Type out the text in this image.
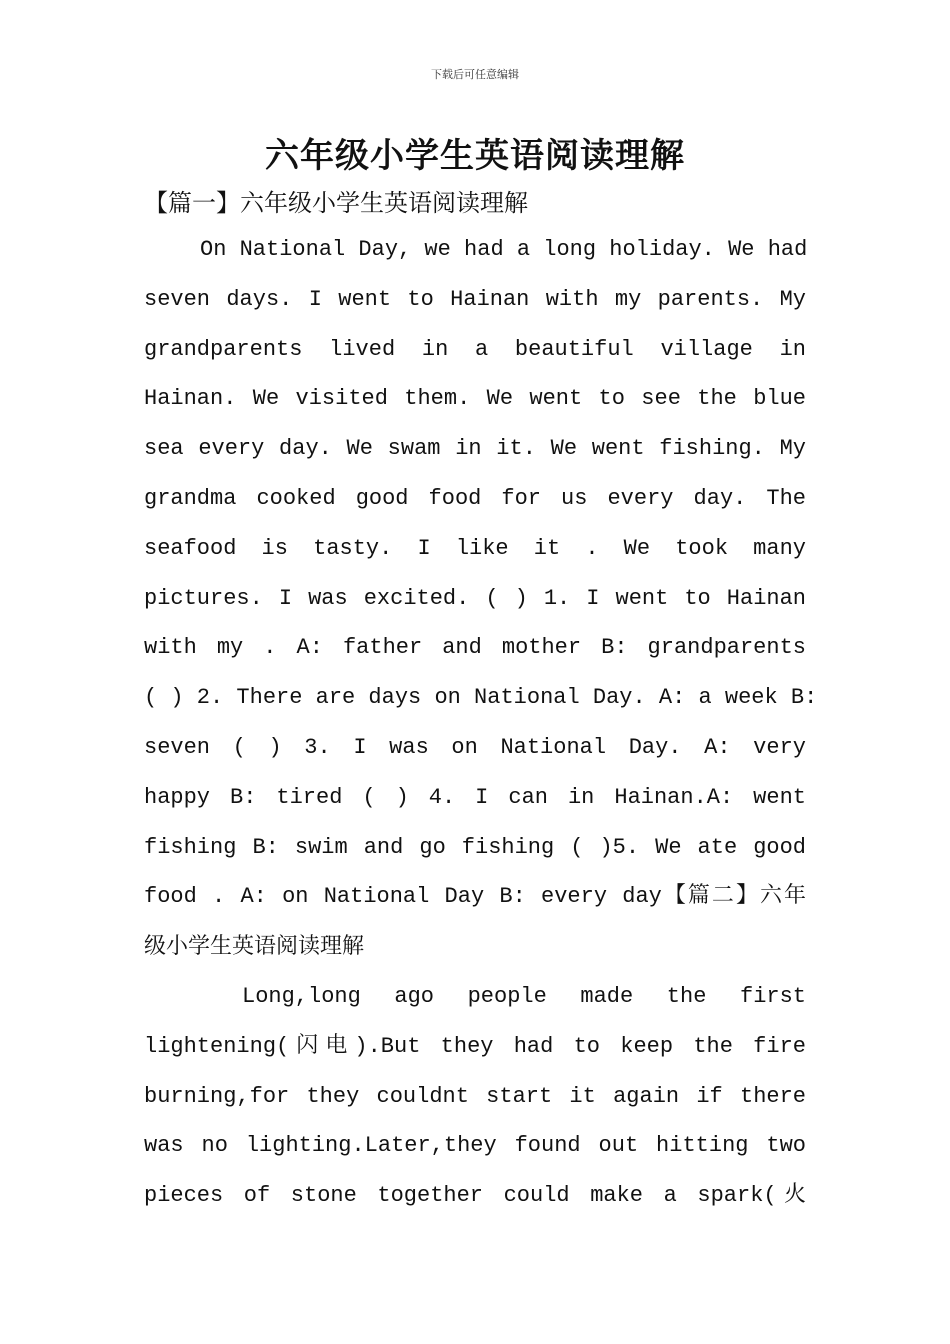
下载后可任意编辑
六年级小学生英语阅读理解
【篇一】六年级小学生英语阅读理解
On National Day, we had a long holiday. We had
seven days. I went to Hainan with my parents. My
grandparents lived in a beautiful village in
Hainan. We visited them. We went to see the blue
sea every day. We swam in it. We went fishing. My
grandma cooked good food for us every day. The
seafood is tasty. I like it . We took many
pictures. I was excited. ( ) 1. I went to Hainan
with my . A: father and mother B: grandparents
( ) 2. There are days on National Day. A: a week B:
seven ( ) 3. I was on National Day. A: very
happy B: tired ( ) 4. I can in Hainan.A: went
fishing B: swim and go fishing ( )5. We ate good
food . A: on National Day B: every day【篇二】六年
级小学生英语阅读理解
Long,long ago people made the first
lightening(闪电).But they had to keep the fire
burning,for they couldnt start it again if there
was no lighting.Later,they found out hitting two
pieces of stone together could make a spark(火
